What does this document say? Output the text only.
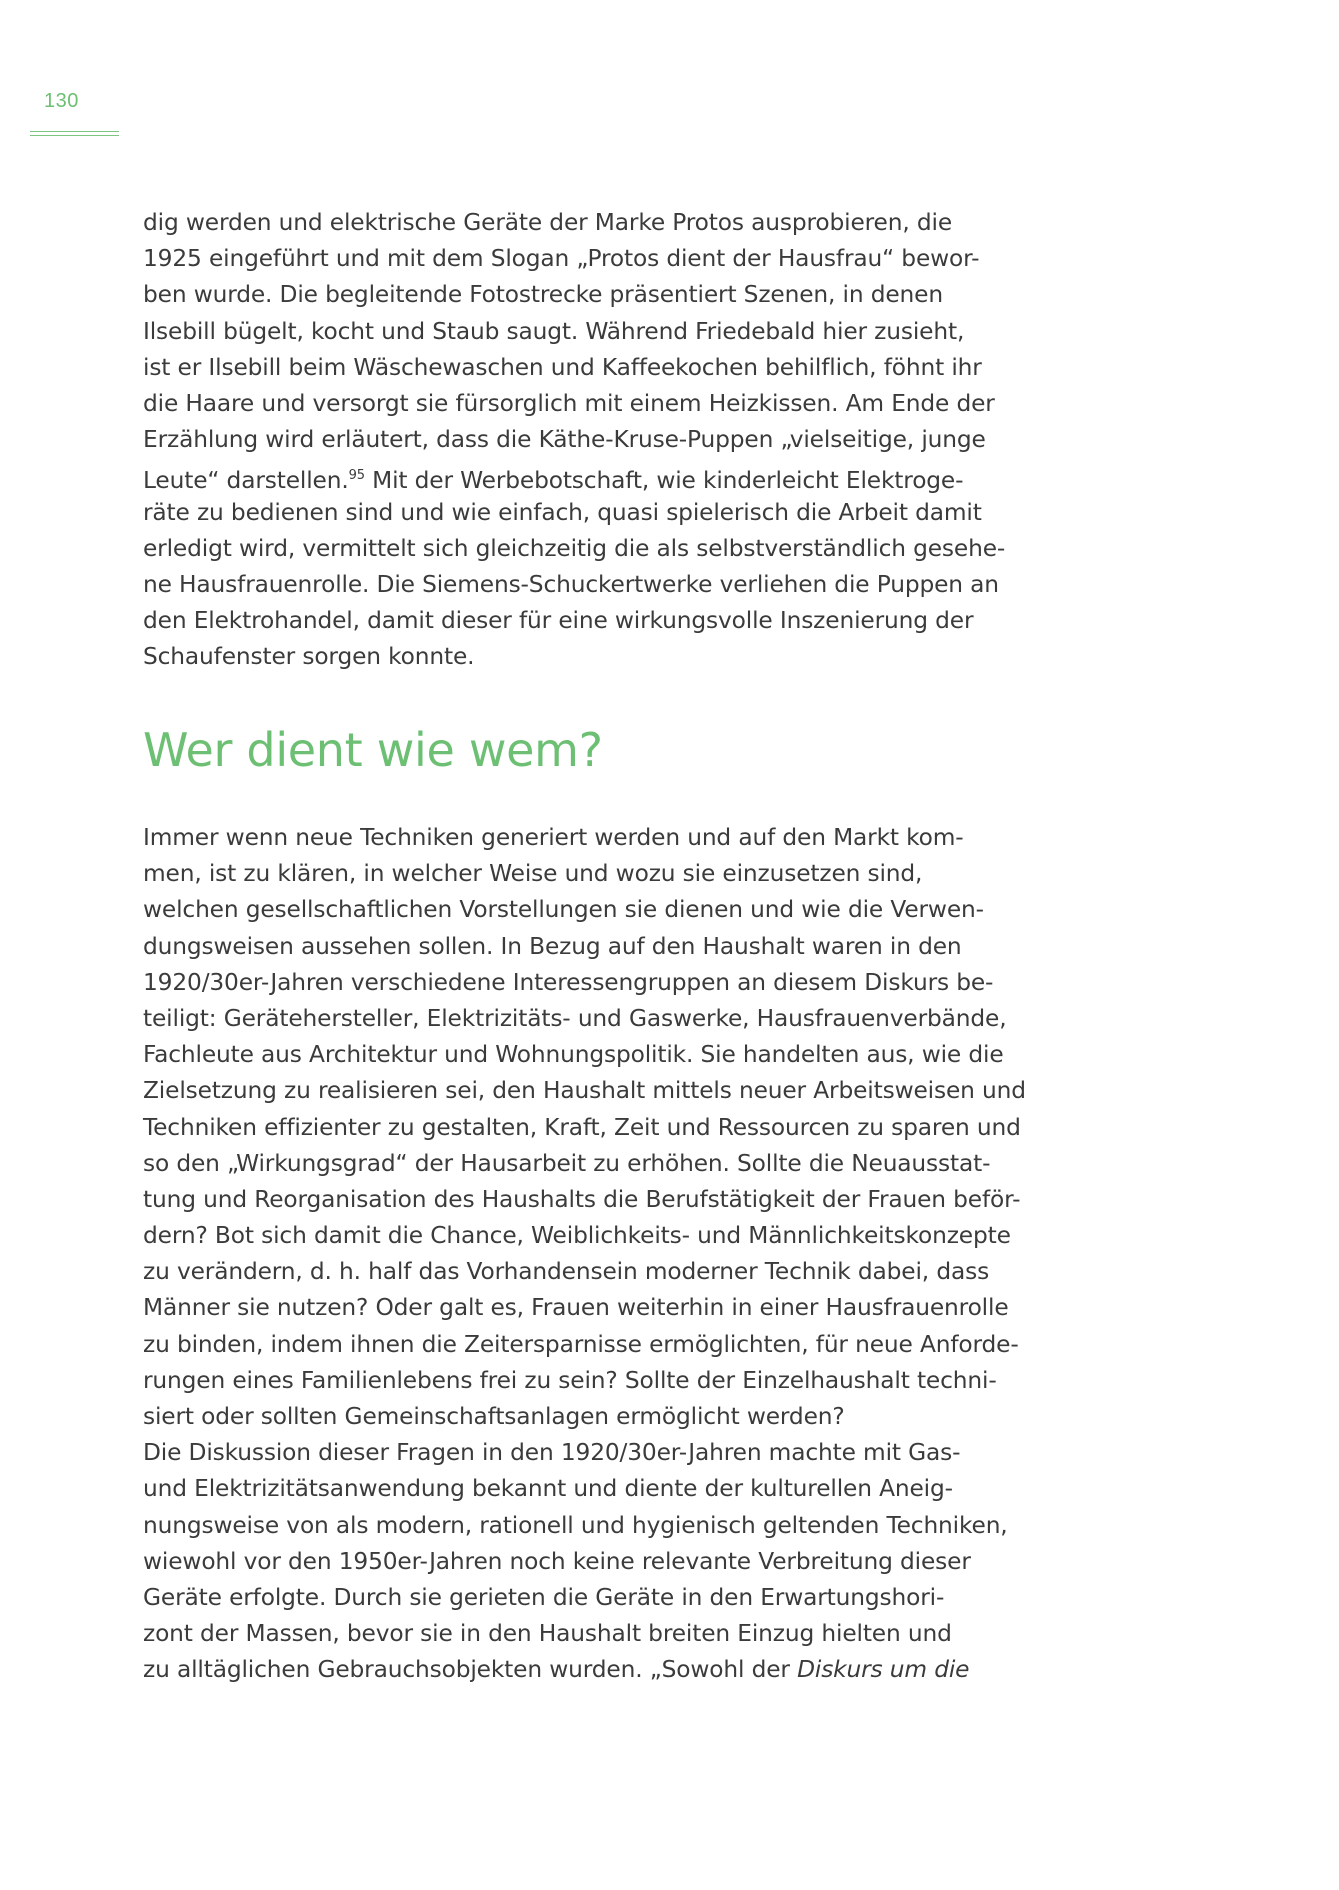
130
dig werden und elektrische Geräte der Marke Protos ausprobieren, die
1925 eingeführt und mit dem Slogan „Protos dient der Hausfrau“ bewor-
ben wurde. Die begleitende Fotostrecke präsentiert Szenen, in denen
Ilsebill bügelt, kocht und Staub saugt. Während Friedebald hier zusieht,
ist er Ilsebill beim Wäschewaschen und Kaffeekochen behilflich, föhnt ihr
die Haare und versorgt sie fürsorglich mit einem Heizkissen. Am Ende der
Erzählung wird erläutert, dass die Käthe-Kruse-Puppen „vielseitige, junge
Leute“ darstellen.$^{95}$ Mit der Werbebotschaft, wie kinderleicht Elektroge-
räte zu bedienen sind und wie einfach, quasi spielerisch die Arbeit damit
erledigt wird, vermittelt sich gleichzeitig die als selbstverständlich gesehe-
ne Hausfrauenrolle. Die Siemens-Schuckertwerke verliehen die Puppen an
den Elektrohandel, damit dieser für eine wirkungsvolle Inszenierung der
Schaufenster sorgen konnte.
Wer dient wie wem?
Immer wenn neue Techniken generiert werden und auf den Markt kom-
men, ist zu klären, in welcher Weise und wozu sie einzusetzen sind,
welchen gesellschaftlichen Vorstellungen sie dienen und wie die Verwen-
dungsweisen aussehen sollen. In Bezug auf den Haushalt waren in den
1920/30er-Jahren verschiedene Interessengruppen an diesem Diskurs be-
teiligt: Gerätehersteller, Elektrizitäts- und Gaswerke, Hausfrauenverbände,
Fachleute aus Architektur und Wohnungspolitik. Sie handelten aus, wie die
Zielsetzung zu realisieren sei, den Haushalt mittels neuer Arbeitsweisen und
Techniken effizienter zu gestalten, Kraft, Zeit und Ressourcen zu sparen und
so den „Wirkungsgrad“ der Hausarbeit zu erhöhen. Sollte die Neuausstat-
tung und Reorganisation des Haushalts die Berufstätigkeit der Frauen beför-
dern? Bot sich damit die Chance, Weiblichkeits- und Männlichkeitskonzepte
zu verändern, d. h. half das Vorhandensein moderner Technik dabei, dass
Männer sie nutzen? Oder galt es, Frauen weiterhin in einer Hausfrauenrolle
zu binden, indem ihnen die Zeitersparnisse ermöglichten, für neue Anforde-
rungen eines Familienlebens frei zu sein? Sollte der Einzelhaushalt techni-
siert oder sollten Gemeinschaftsanlagen ermöglicht werden?
Die Diskussion dieser Fragen in den 1920/30er-Jahren machte mit Gas-
und Elektrizitätsanwendung bekannt und diente der kulturellen Aneig-
nungsweise von als modern, rationell und hygienisch geltenden Techniken,
wiewohl vor den 1950er-Jahren noch keine relevante Verbreitung dieser
Geräte erfolgte. Durch sie gerieten die Geräte in den Erwartungshori-
zont der Massen, bevor sie in den Haushalt breiten Einzug hielten und
zu alltäglichen Gebrauchsobjekten wurden. „Sowohl der Diskurs um die
